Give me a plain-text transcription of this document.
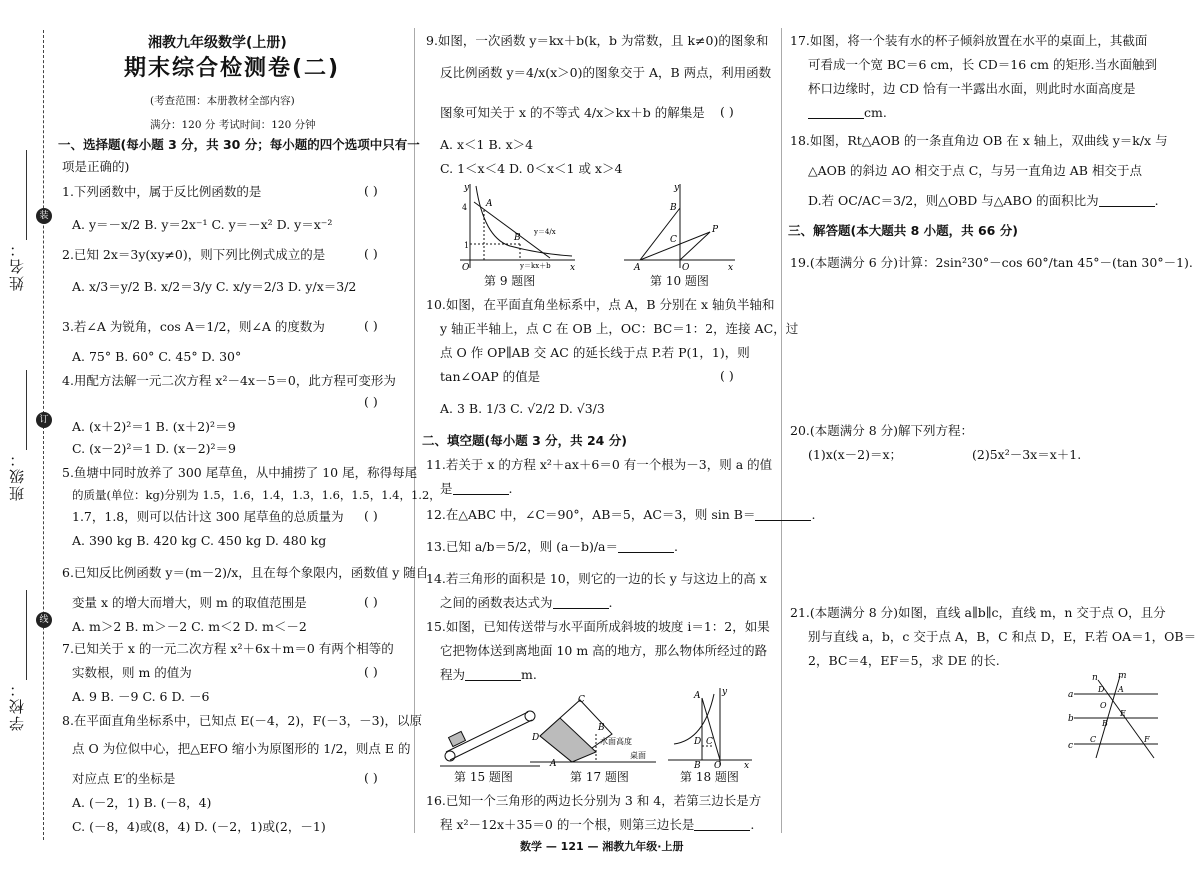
姓名：
班级：
学校：
装
订
线
湘教九年级数学(上册)
期末综合检测卷(二)
(考查范围：本册教材全部内容)
满分：120 分 考试时间：120 分钟
一、选择题(每小题 3 分，共 30 分；每小题的四个选项中只有一
项是正确的)
1.下列函数中，属于反比例函数的是	( )
A. y＝－x/2 B. y＝2x⁻¹ C. y＝－x² D. y＝x⁻²
2.已知 2x＝3y(xy≠0)，则下列比例式成立的是	( )
A. x/3＝y/2 B. x/2＝3/y C. x/y＝2/3 D. y/x＝3/2
3.若∠A 为锐角，cos A＝1/2，则∠A 的度数为	( )
A. 75° B. 60° C. 45° D. 30°
4.用配方法解一元二次方程 x²－4x－5＝0，此方程可变形为
( )
A. (x＋2)²＝1 B. (x＋2)²＝9
C. (x－2)²＝1 D. (x－2)²＝9
5.鱼塘中同时放养了 300 尾草鱼，从中捕捞了 10 尾，称得每尾
的质量(单位：kg)分别为 1.5，1.6，1.4，1.3，1.6，1.5，1.4，1.2，
1.7，1.8，则可以估计这 300 尾草鱼的总质量为 ( )
A. 390 kg B. 420 kg C. 450 kg D. 480 kg
6.已知反比例函数 y＝(m－2)/x，且在每个象限内，函数值 y 随自
变量 x 的增大而增大，则 m 的取值范围是	( )
A. m＞2 B. m＞－2 C. m＜2 D. m＜－2
7.已知关于 x 的一元二次方程 x²＋6x＋m＝0 有两个相等的
实数根，则 m 的值为	( )
A. 9 B. －9 C. 6 D. －6
8.在平面直角坐标系中，已知点 E(－4，2)，F(－3，－3)，以原
点 O 为位似中心，把△EFO 缩小为原图形的 1/2，则点 E 的
对应点 E′的坐标是	( )
A. (－2，1) B. (－8，4)
C. (－8，4)或(8，4) D. (－2，1)或(2，－1)
9.如图，一次函数 y＝kx＋b(k，b 为常数，且 k≠0)的图象和
反比例函数 y＝4/x(x＞0)的图象交于 A，B 两点，利用函数
图象可知关于 x 的不等式 4/x＞kx＋b 的解集是 ( )
A. x＜1 B. x＞4
C. 1＜x＜4 D. 0＜x＜1 或 x＞4
y
x
O
A
B
4
1
y＝4/x
y＝kx＋b
第 9 题图
y
x
A	O
B
C
P
第 10 题图
10.如图，在平面直角坐标系中，点 A，B 分别在 x 轴负半轴和
y 轴正半轴上，点 C 在 OB 上，OC：BC＝1：2，连接 AC，过
点 O 作 OP∥AB 交 AC 的延长线于点 P.若 P(1，1)，则
tan∠OAP 的值是	( )
A. 3 B. 1/3 C. √2/2 D. √3/3
二、填空题(每小题 3 分，共 24 分)
11.若关于 x 的方程 x²＋ax＋6＝0 有一个根为－3，则 a 的值
是	.
12.在△ABC 中，∠C＝90°，AB＝5，AC＝3，则 sin B＝	.
13.已知 a/b＝5/2，则 (a－b)/a＝	.
14.若三角形的面积是 10，则它的一边的长 y 与这边上的高 x
之间的函数表达式为	.
15.如图，已知传送带与水平面所成斜坡的坡度 i＝1：2，如果
它把物体送到离地面 10 m 高的地方，那么物体所经过的路
程为	m.
第 15 题图
C
B
D
A
水面高度
桌面
第 17 题图
A
C
D
B O	x
y
第 18 题图
16.已知一个三角形的两边长分别为 3 和 4，若第三边长是方
程 x²－12x＋35＝0 的一个根，则第三边长是	.
17.如图，将一个装有水的杯子倾斜放置在水平的桌面上，其截面
可看成一个宽 BC＝6 cm，长 CD＝16 cm 的矩形.当水面触到
杯口边缘时，边 CD 恰有一半露出水面，则此时水面高度是
cm.
18.如图，Rt△AOB 的一条直角边 OB 在 x 轴上，双曲线 y＝k/x 与
△AOB 的斜边 AO 相交于点 C，与另一直角边 AB 相交于点
D.若 OC/AC＝3/2，则△OBD 与△ABO 的面积比为	.
三、解答题(本大题共 8 小题，共 66 分)
19.(本题满分 6 分)计算：2sin²30°－cos 60°/tan 45°－(tan 30°－1).
20.(本题满分 8 分)解下列方程：
(1)x(x－2)＝x；	(2)5x²－3x＝x＋1.
21.(本题满分 8 分)如图，直线 a∥b∥c，直线 m，n 交于点 O，且分
别与直线 a，b，c 交于点 A，B，C 和点 D，E，F.若 OA＝1，OB＝
2，BC＝4，EF＝5，求 DE 的长.
a
b
c
n m
A
D
O
E
B
C	F
数学 — 121 — 湘教九年级·上册
